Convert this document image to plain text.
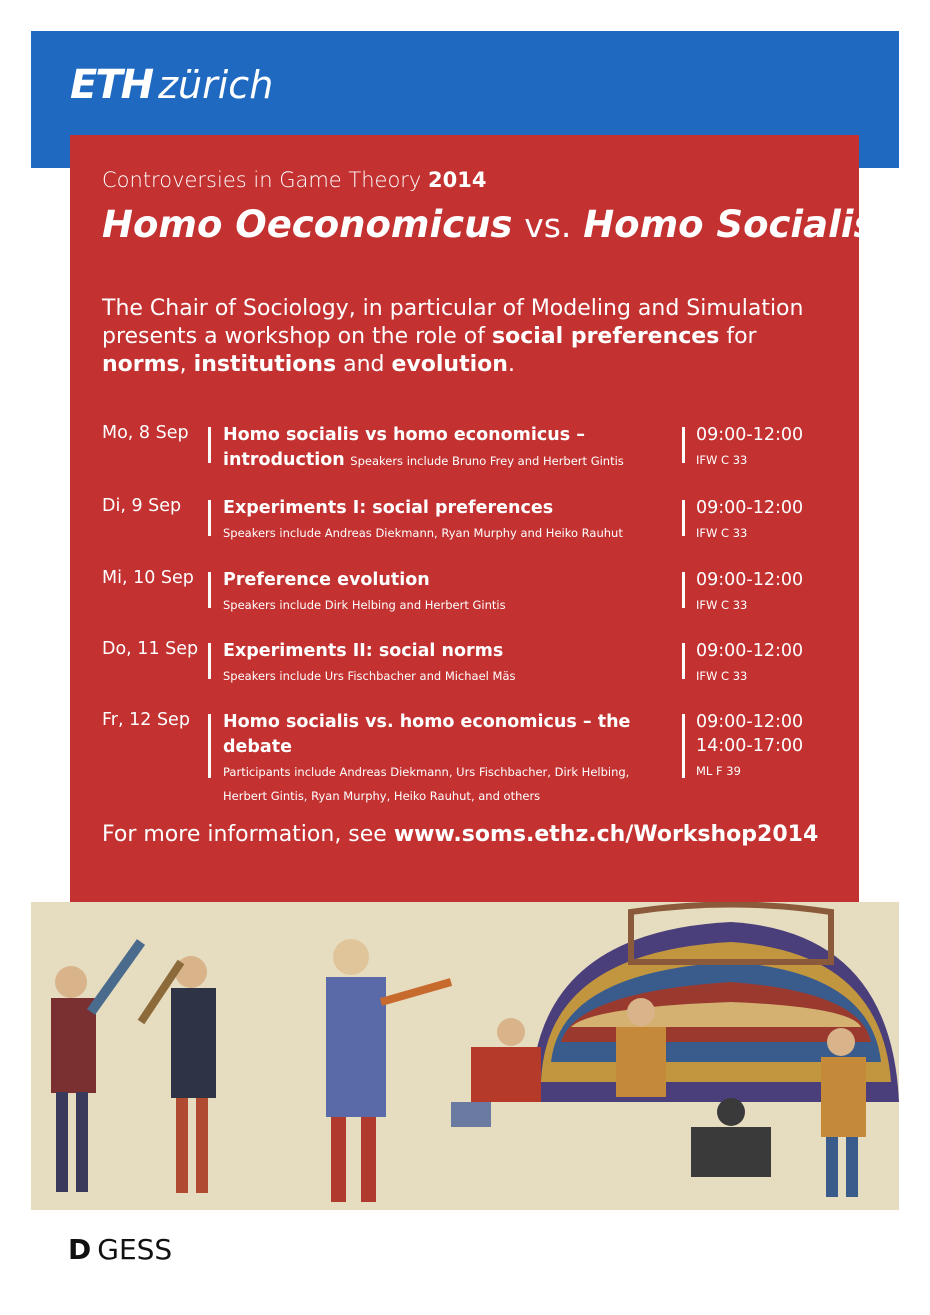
ETH zürich
Controversies in Game Theory 2014
Homo Oeconomicus vs. Homo Socialis
The Chair of Sociology, in particular of Modeling and Simulation presents a workshop on the role of social preferences for norms, institutions and evolution.
Mo, 8 Sep Homo socialis vs homo economicus –
introduction Speakers include Bruno Frey and Herbert Gintis
09:00-12:00
IFW C 33
Di, 9 Sep Experiments I: social preferences
Speakers include Andreas Diekmann, Ryan Murphy and Heiko Rauhut
09:00-12:00
IFW C 33
Mi, 10 Sep Preference evolution
Speakers include Dirk Helbing and Herbert Gintis
09:00-12:00
IFW C 33
Do, 11 Sep Experiments II: social norms
Speakers include Urs Fischbacher and Michael Mäs
09:00-12:00
IFW C 33
Fr, 12 Sep Homo socialis vs. homo economicus – the debate
Participants include Andreas Diekmann, Urs Fischbacher, Dirk Helbing,
Herbert Gintis, Ryan Murphy, Heiko Rauhut, and others
09:00-12:00
14:00-17:00
ML F 39
For more information, see www.soms.ethz.ch/Workshop2014
D GESS
